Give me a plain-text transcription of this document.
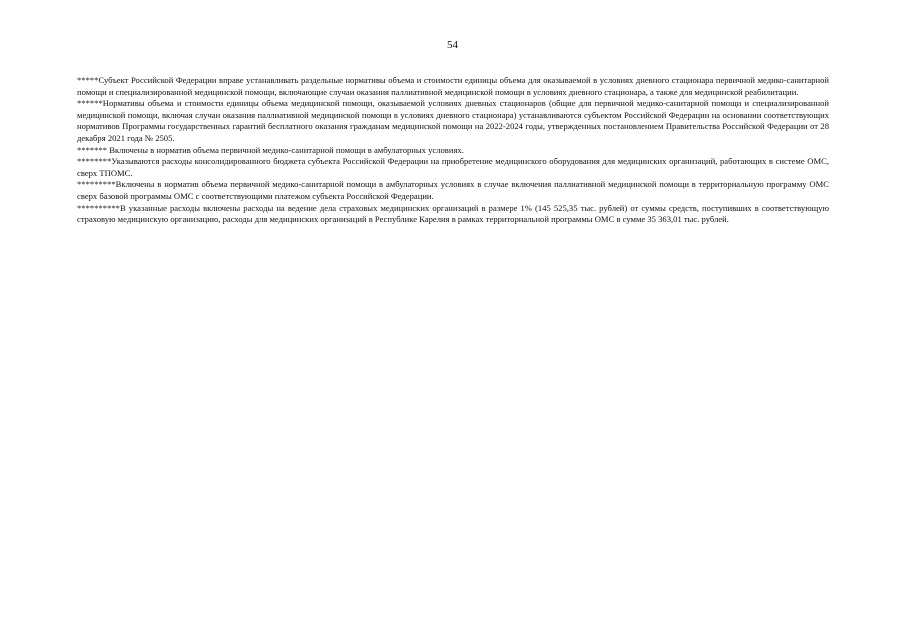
54

*****Субъект Российской Федерации вправе устанавливать раздельные нормативы объема и стоимости единицы объема для оказываемой в условиях дневного стационара первичной медико-санитарной помощи и специализированной медицинской помощи, включающие случаи оказания паллиативной медицинской помощи в условиях дневного стационара, а также для медицинской реабилитации.

******Нормативы объема и стоимости единицы объема медицинской помощи, оказываемой условиях дневных стационаров (общие для первичной медико-санитарной помощи и специализированной медицинской помощи, включая случаи оказания паллиативной медицинской помощи в условиях дневного стационара) устанавливаются субъектом Российской Федерации на основании соответствующих нормативов Программы государственных гарантий бесплатного оказания гражданам медицинской помощи на 2022-2024 годы, утвержденных постановлением Правительства Российской Федерации от 28 декабря 2021 года № 2505.

******* Включены в норматив объема первичной медико-санитарной помощи в амбулаторных условиях.

********Указываются расходы консолидированного бюджета субъекта Российской Федерации на приобретение медицинского оборудования для медицинских организаций, работающих в системе ОМС, сверх ТПОМС.

*********Включены в норматив объема первичной медико-санитарной помощи в амбулаторных условиях в случае включения паллиативной медицинской помощи в территориальную программу ОМС сверх базовой программы ОМС с соответствующими платежом субъекта Российской Федерации.

**********В указанные расходы включены расходы на ведение дела страховых медицинских организаций в размере 1% (145 525,35 тыс. рублей) от суммы средств, поступивших в соответствующую страховую медицинскую организацию, расходы для медицинских организаций в Республике Карелия в рамках территориальной программы ОМС в сумме 35 363,01 тыс. рублей.
